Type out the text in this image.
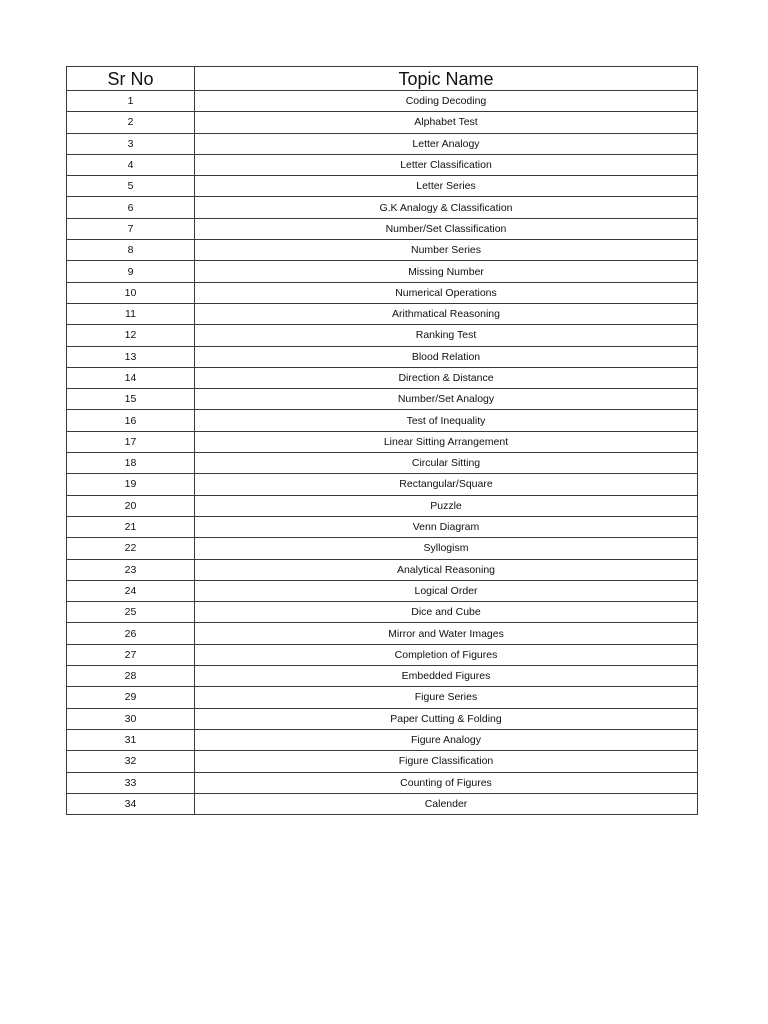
Sr No	Topic Name
1	Coding Decoding
2	Alphabet Test
3	Letter Analogy
4	Letter Classification
5	Letter Series
6	G.K Analogy & Classification
7	Number/Set Classification
8	Number Series
9	Missing Number
10	Numerical Operations
11	Arithmatical Reasoning
12	Ranking Test
13	Blood Relation
14	Direction & Distance
15	Number/Set Analogy
16	Test of Inequality
17	Linear Sitting Arrangement
18	Circular Sitting
19	Rectangular/Square
20	Puzzle
21	Venn Diagram
22	Syllogism
23	Analytical Reasoning
24	Logical Order
25	Dice and Cube
26	Mirror and Water Images
27	Completion of Figures
28	Embedded Figures
29	Figure Series
30	Paper Cutting & Folding
31	Figure Analogy
32	Figure Classification
33	Counting of Figures
34	Calender
